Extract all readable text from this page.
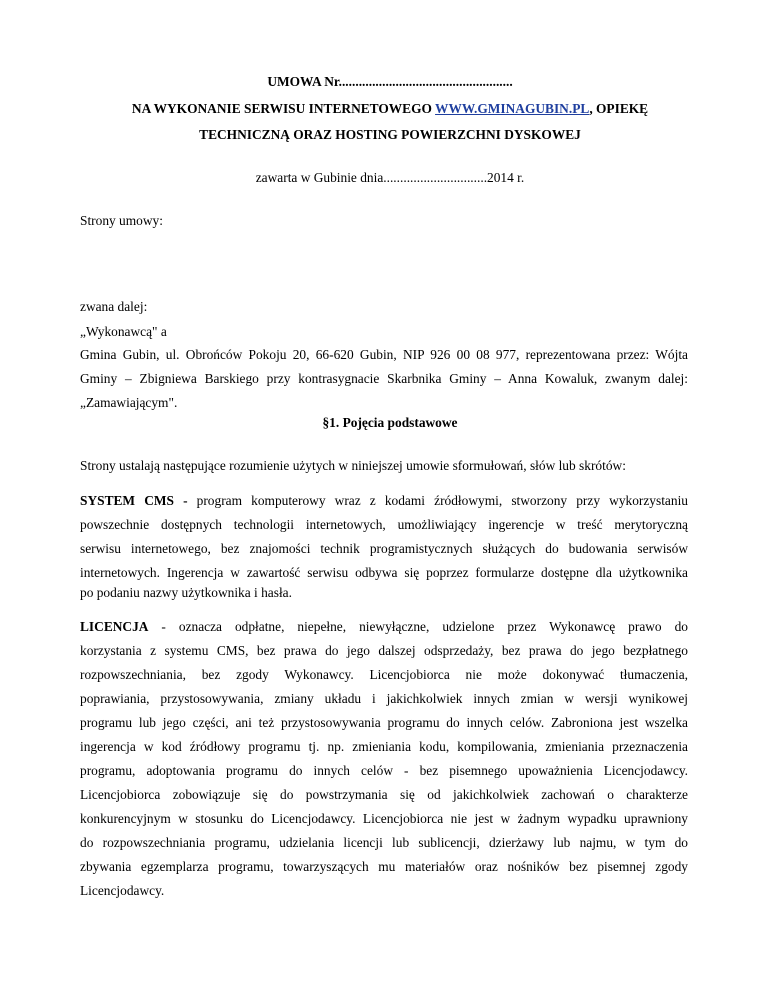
UMOWA Nr....................................................
NA WYKONANIE SERWISU INTERNETOWEGO WWW.GMINAGUBIN.PL, OPIEKĘ
TECHNICZNĄ ORAZ HOSTING POWIERZCHNI DYSKOWEJ
zawarta w Gubinie dnia...............................2014 r.
Strony umowy:
zwana dalej:
„Wykonawcą" a
Gmina Gubin, ul. Obrońców Pokoju 20, 66-620 Gubin, NIP 926 00 08 977, reprezentowana przez: Wójta
Gminy – Zbigniewa Barskiego przy kontrasygnacie Skarbnika Gminy – Anna Kowaluk, zwanym dalej:
„Zamawiającym".
§1. Pojęcia podstawowe
Strony ustalają następujące rozumienie użytych w niniejszej umowie sformułowań, słów lub skrótów:
SYSTEM CMS - program komputerowy wraz z kodami źródłowymi, stworzony przy wykorzystaniu
powszechnie dostępnych technologii internetowych, umożliwiający ingerencje w treść merytoryczną
serwisu internetowego, bez znajomości technik programistycznych służących do budowania serwisów
internetowych. Ingerencja w zawartość serwisu odbywa się poprzez formularze dostępne dla użytkownika
po podaniu nazwy użytkownika i hasła.
LICENCJA - oznacza odpłatne, niepełne, niewyłączne, udzielone przez Wykonawcę prawo do
korzystania z systemu CMS, bez prawa do jego dalszej odsprzedaży, bez prawa do jego bezpłatnego
rozpowszechniania, bez zgody Wykonawcy. Licencjobiorca nie może dokonywać tłumaczenia,
poprawiania, przystosowywania, zmiany układu i jakichkolwiek innych zmian w wersji wynikowej
programu lub jego części, ani też przystosowywania programu do innych celów. Zabroniona jest wszelka
ingerencja w kod źródłowy programu tj. np. zmieniania kodu, kompilowania, zmieniania przeznaczenia
programu, adoptowania programu do innych celów - bez pisemnego upoważnienia Licencjodawcy.
Licencjobiorca zobowiązuje się do powstrzymania się od jakichkolwiek zachowań o charakterze
konkurencyjnym w stosunku do Licencjodawcy. Licencjobiorca nie jest w żadnym wypadku uprawniony
do rozpowszechniania programu, udzielania licencji lub sublicencji, dzierżawy lub najmu, w tym do
zbywania egzemplarza programu, towarzyszących mu materiałów oraz nośników bez pisemnej zgody
Licencjodawcy.
